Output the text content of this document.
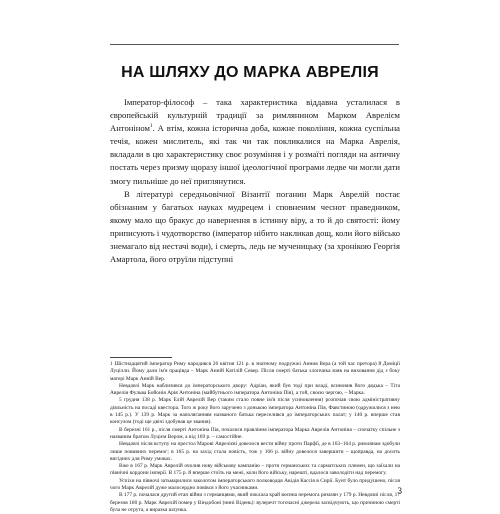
НА ШЛЯХУ ДО МАРКА АВРЕЛІЯ

Імператор-філософ – така характеристика віддавна усталилася в європейській культурній традиції за римлянином Марком Аврелієм Антоніном$^1$. А втім, кожна історична доба, кожне покоління, кожна суспільна течія, кожен мислитель, які так чи так покликалися на Марка Аврелія, вкладали в цю характеристику своє розуміння і у розмаїті погляди на античну постать через призму щоразу іншої ідеологічної програми ледве чи могли дати змогу пильніше до неї приглянутися.

В літературі середньовічної Візантії поганин Марк Аврелій постає обізнаним у багатьох науках мудрецем і сповненим чеснот праведником, якому мало що бракує до навернення в істинну віру, а то й до святості: йому приписують і чудотворство (імператор нібито накликав дощ, коли його військо знемагало від нестачі води), і смерть, ледь не мученицьку (за хронікою Георгія Амартола, його отруїли підступні

1 Шістнадцятий імператор Риму народився 26 квітня 121 р. в знатному подружжі Анния Вера (а той час претора) й Доміції Луцілли. Йому дали ім'я працівда – Марк Анній Катілій Север. Після смерті батька хлопчика взяв на виховання дід з боку матері Марк Анній Вер.

Невдовзі Марк наблизився до імператорського двору: Адріан, який був тоді при владі, всиновив його дядька – Тіта Аврелія Фульва Бойонія Арія Антоніна (майбутнього імператора Антоніна Пія), а той, своєю чергою, – Марка.

5 грудня 138 р. Марк Елій Аврелій Вер (таким стало повне ім'я після усиновлення) розпочав свою адміністративну діяльність на посаді квестора. Того ж року його заручено з донькою імператора Антоніна Пія, Фавстиною (одружилися з нею в 145 р.). У 139 р. Марк за наполяганням названого батька переселився до імператорських палат; у 140 р. вперше став консулом (тоді ще двічі здобував це звання).

В березні 161 р., після смерті Антоніна Пія, почалися правління імператора Марка Аврелія Антоніна – спочатку спільне з названим братом Луцієм Вером, а від 169 р. – самостійне.

Невдовзі після вступу на престол Марові Аврелієві довелося вести війну проти Парфії, де в 163–164 р. римлянам здобули лише повивних перемог; в 165 р. на захід стала повість, тож у 166 р. війну довелося завершити – щоправда, на досить вигідних для Риму умовах.

Вже в 167 р. Марк Аврелій очолив нову військову кампанію – проти германських та сарматських племен, що заїхали на північні кордони імперії. В 175 р. й вперше стоїть на межі, коли його війську, нарешті, вдалося заволодіти над перемогу.

Успіхи на півночі затьмарилися заколотом імператорського полководця Авідія Кассія в Сирії. Бунт було придушено, після чого Марк Аврелій дуже малосердно повівся з його учасниками.

В 177 р. почалася другий етап війни з германцями, який поклала край воєнна перемога римлян у 179 р. Невдовзі після, 17 березня 180 р. Марк Аврелій помер у Віндобоні (нині Відень): вулеречт тогочасні джерела засвідчують, що причиною смерті була не отрута, а виразка шлунка.

3
